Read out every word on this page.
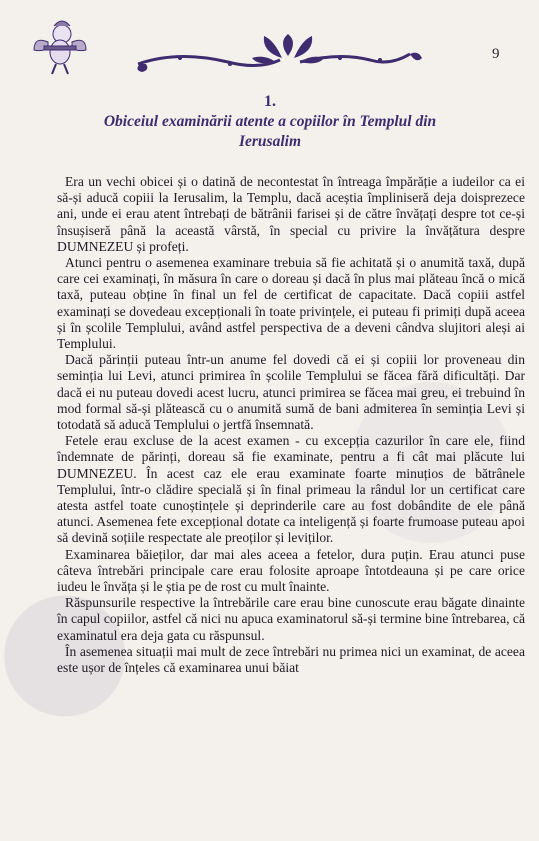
9
1.
Obiceiul examinării atente a copiilor în Templul din Ierusalim

Era un vechi obicei și o datină de necontestat în întreaga împărăție a iudeilor ca ei să-și aducă copiii la Ierusalim, la Templu, dacă aceștia împliniseră deja doisprezece ani, unde ei erau atent întrebați de bătrânii farisei și de către învățați despre tot ce-și însușiseră până la această vârstă, în special cu privire la învățătura despre DUMNEZEU și profeți.

Atunci pentru o asemenea examinare trebuia să fie achitată și o anumită taxă, după care cei examinați, în măsura în care o doreau și dacă în plus mai plăteau încă o mică taxă, puteau obține în final un fel de certificat de capacitate. Dacă copiii astfel examinați se dovedeau excepționali în toate privințele, ei puteau fi primiți după aceea și în școlile Templului, având astfel perspectiva de a deveni cândva slujitori aleși ai Templului.

Dacă părinții puteau într-un anume fel dovedi că ei și copiii lor proveneau din seminția lui Levi, atunci primirea în școlile Templului se făcea fără dificultăți. Dar dacă ei nu puteau dovedi acest lucru, atunci primirea se făcea mai greu, ei trebuind în mod formal să-și plătească cu o anumită sumă de bani admiterea în seminția Levi și totodată să aducă Templului o jertfă însemnată.

Fetele erau excluse de la acest examen - cu excepția cazurilor în care ele, fiind îndemnate de părinți, doreau să fie examinate, pentru a fi cât mai plăcute lui DUMNEZEU. În acest caz ele erau examinate foarte minuțios de bătrânele Templului, într-o clădire specială și în final primeau la rândul lor un certificat care atesta astfel toate cunoștințele și deprinderile care au fost dobândite de ele până atunci. Asemenea fete excepțional dotate ca inteligență și foarte frumoase puteau apoi să devină soțiile respectate ale preoților și leviților.

Examinarea băieților, dar mai ales aceea a fetelor, dura puțin. Erau atunci puse câteva întrebări principale care erau folosite aproape întotdeauna și pe care orice iudeu le învăța și le știa pe de rost cu mult înainte.

Răspunsurile respective la întrebările care erau bine cunoscute erau băgate dinainte în capul copiilor, astfel că nici nu apuca examinatorul să-și termine bine întrebarea, că examinatul era deja gata cu răspunsul.

În asemenea situații mai mult de zece întrebări nu primea nici un examinat, de aceea este ușor de înțeles că examinarea unui băiat
